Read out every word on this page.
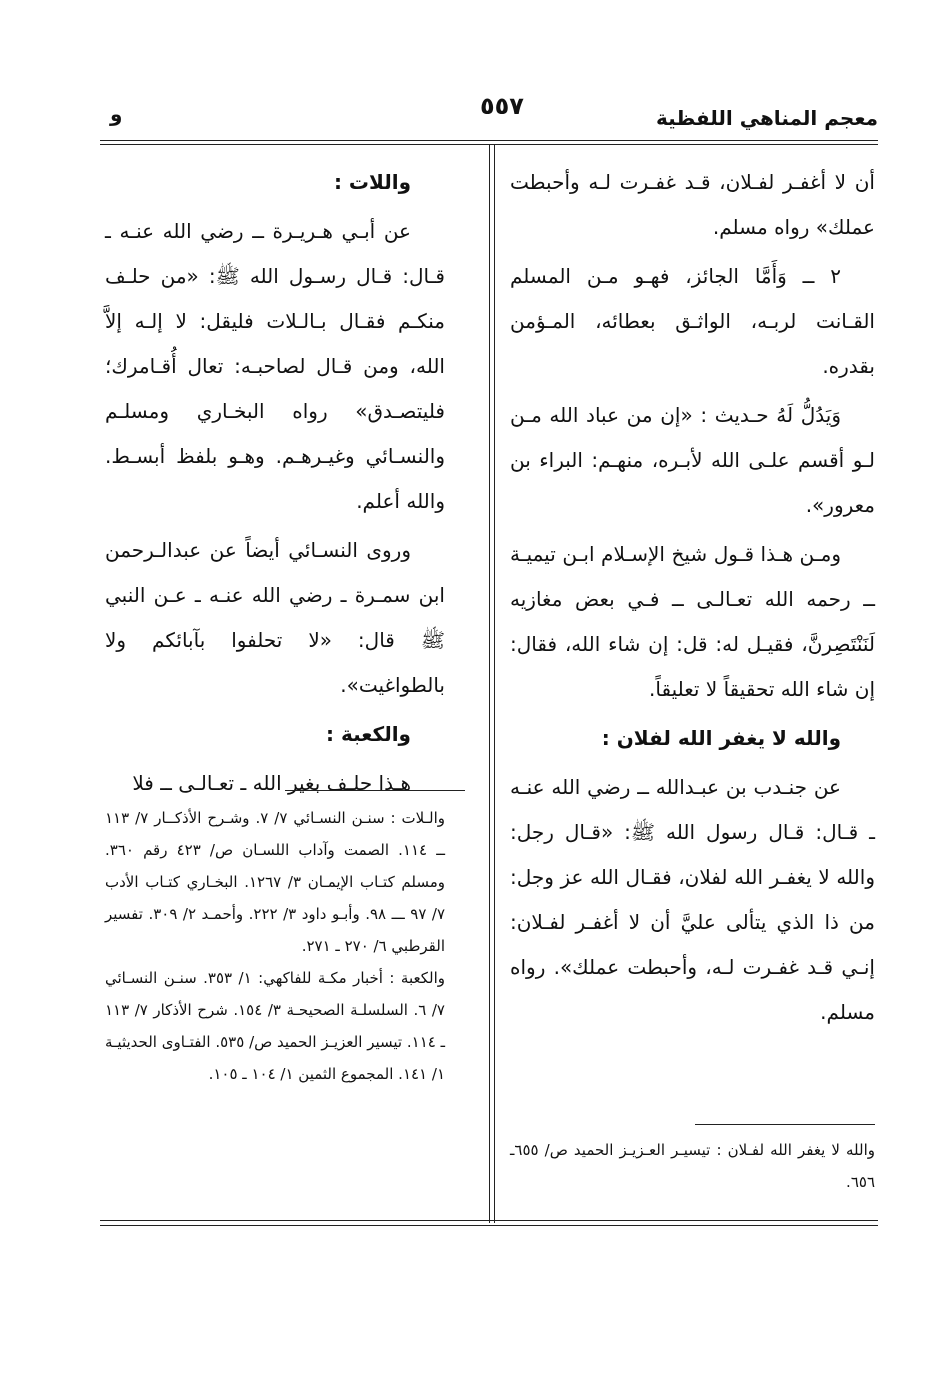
معجم المناهي اللفظية
٥٥٧
و

أن لا أغفـر لفـلان، قـد غفـرت لـه وأحبطت عملك» رواه مسلم.

٢ ــ وَأَمَّا الجائز، فهـو مـن المسلم القـانت لربـه، الواثـق بعطائه، المـؤمن بقدره.

وَيَدُلُّ لَهُ حـديث : «إن من عباد الله مـن لـو أقسم علـى الله لأبـره، منهـم: البراء بن معرور».

ومـن هـذا قـول شيخ الإسـلام ابـن تيميـة ــ رحمه الله تعـالـى ــ فـي بعض مغازيه لَنَنْتَصِرنَّ، فقيـل له: قل: إن شاء الله، فقال: إن شاء الله تحقيقاً لا تعليقاً.

والله لا يغفر الله لفلان :

عن جنـدب بن عبـدالله ــ رضي الله عنـه ـ قـال: قـال رسول الله ﷺ: «قـال رجل: والله لا يغفـر الله لفلان، فقـال الله عز وجل: من ذا الذي يتألى عليَّ أن لا أغفـر لفـلان: إنـي قـد غفـرت لـه، وأحبطت عملك». رواه مسلم.

والله لا يغفر الله لفـلان : تيسيـر العـزيـز الحميد ص/ ٦٥٥ـ ٦٥٦.

واللات :

عن أبـي هـريـرة ــ رضي الله عنـه ـ قـال: قـال رسـول الله ﷺ: «من حلـف منكـم فقـال بـالـلات فليقل: لا إلـه إلاَّ الله، ومن قـال لصاحبـه: تعال أُقـامرك؛ فليتصـدق» رواه البخـاري ومسلـم والنسـائي وغيـرهـم. وهـو بلفظ أبسـط. والله أعلم.

وروى النسـائي أيضاً عن عبدالـرحمن ابن سمـرة ـ رضي الله عنـه ـ عـن النبي ﷺ قال: «لا تحلفوا بآبائكم ولا بالطواغيت».

والكعبة :

هـذا حلـف بغير الله ـ تعـالـى ــ فلا

والـلات : سنـن النسـائي ٧/ ٧. وشـرح الأذكــار ٧/ ١١٣ ــ ١١٤. الصمت وآداب اللسـان ص/ ٤٢٣ رقم ٣٦٠. ومسلم كتـاب الإيمـان ٣/ ١٢٦٧. البخـاري كتـاب الأدب ٧/ ٩٧ ـــ ٩٨. وأبـو داود ٣/ ٢٢٢. وأحمـد ٢/ ٣٠٩. تفسير القرطبي ٦/ ٢٧٠ ـ ٢٧١.

والكعبة : أخبار مكـة للفاكهي: ١/ ٣٥٣. سنـن النسـائي ٧/ ٦. السلسلـة الصحيحـة ٣/ ١٥٤. شرح الأذكار ٧/ ١١٣ ـ ١١٤. تيسير العزيـز الحميد ص/ ٥٣٥. الفتـاوى الحديثيـة ١/ ١٤١. المجموع الثمين ١/ ١٠٤ ـ ١٠٥.
